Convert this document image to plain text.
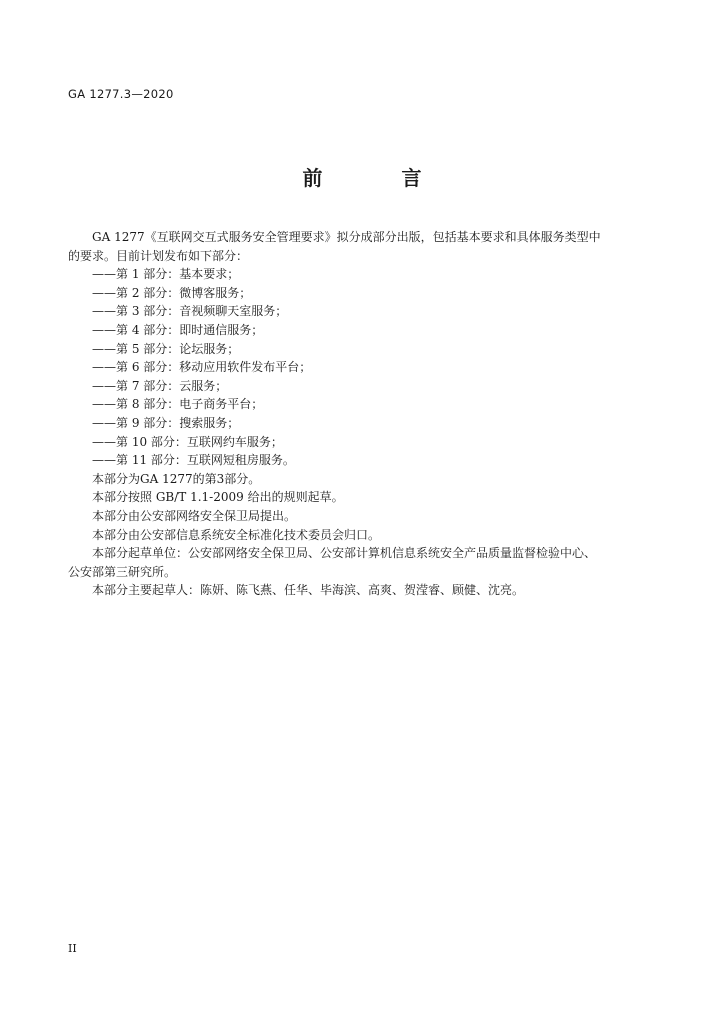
GA 1277.3—2020
前 言

GA 1277《互联网交互式服务安全管理要求》拟分成部分出版，包括基本要求和具体服务类型中

的要求。目前计划发布如下部分：

——第 1 部分：基本要求；

——第 2 部分：微博客服务；

——第 3 部分：音视频聊天室服务；

——第 4 部分：即时通信服务；

——第 5 部分：论坛服务；

——第 6 部分：移动应用软件发布平台；

——第 7 部分：云服务；

——第 8 部分：电子商务平台；

——第 9 部分：搜索服务；

——第 10 部分：互联网约车服务；

——第 11 部分：互联网短租房服务。

本部分为GA 1277的第3部分。

本部分按照 GB/T 1.1-2009 给出的规则起草。

本部分由公安部网络安全保卫局提出。

本部分由公安部信息系统安全标准化技术委员会归口。

本部分起草单位：公安部网络安全保卫局、公安部计算机信息系统安全产品质量监督检验中心、

公安部第三研究所。

本部分主要起草人：陈妍、陈飞燕、任华、毕海滨、高爽、贺滢睿、顾健、沈亮。

II
